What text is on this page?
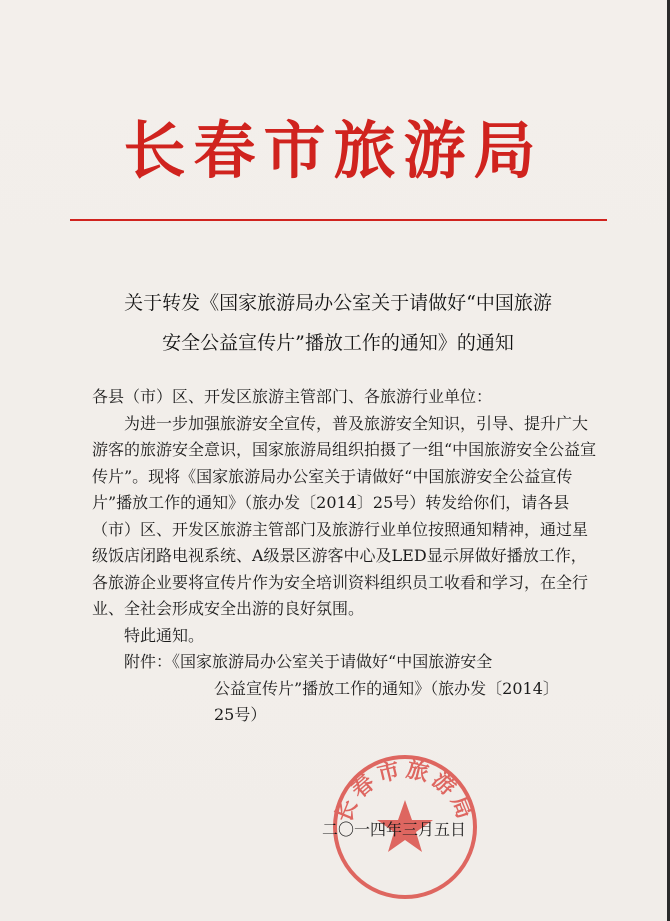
长春市旅游局
关于转发《国家旅游局办公室关于请做好“中国旅游
安全公益宣传片”播放工作的通知》的通知

各县（市）区、开发区旅游主管部门、各旅游行业单位：

为进一步加强旅游安全宣传，普及旅游安全知识，引导、提升广大游客的旅游安全意识，国家旅游局组织拍摄了一组“中国旅游安全公益宣传片”。现将《国家旅游局办公室关于请做好“中国旅游安全公益宣传片”播放工作的通知》（旅办发〔2014〕25号）转发给你们，请各县（市）区、开发区旅游主管部门及旅游行业单位按照通知精神，通过星级饭店闭路电视系统、A级景区游客中心及LED显示屏做好播放工作，各旅游企业要将宣传片作为安全培训资料组织员工收看和学习，在全行业、全社会形成安全出游的良好氛围。

特此通知。

附件：《国家旅游局办公室关于请做好“中国旅游安全
公益宣传片”播放工作的通知》（旅办发〔2014〕
25号）

长春市旅游局
二〇一四年三月五日
